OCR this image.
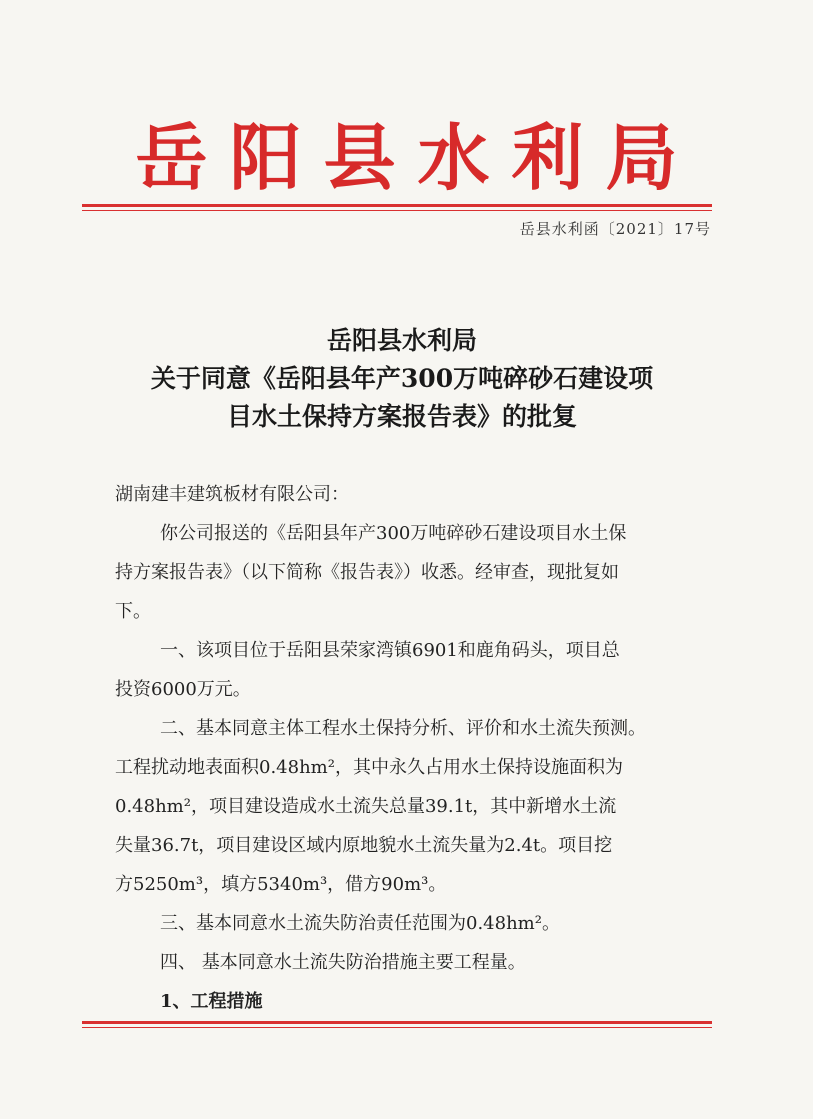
岳阳县水利局
岳县水利函〔2021〕17号
岳阳县水利局
关于同意《岳阳县年产300万吨碎砂石建设项
目水土保持方案报告表》的批复
湖南建丰建筑板材有限公司：
你公司报送的《岳阳县年产300万吨碎砂石建设项目水土保
持方案报告表》（以下简称《报告表》）收悉。经审查，现批复如
下。
一、该项目位于岳阳县荣家湾镇6901和鹿角码头，项目总
投资6000万元。
二、基本同意主体工程水土保持分析、评价和水土流失预测。
工程扰动地表面积0.48hm²，其中永久占用水土保持设施面积为
0.48hm²，项目建设造成水土流失总量39.1t，其中新增水土流
失量36.7t，项目建设区域内原地貌水土流失量为2.4t。项目挖
方5250m³，填方5340m³，借方90m³。
三、基本同意水土流失防治责任范围为0.48hm²。
四、 基本同意水土流失防治措施主要工程量。
1、工程措施
